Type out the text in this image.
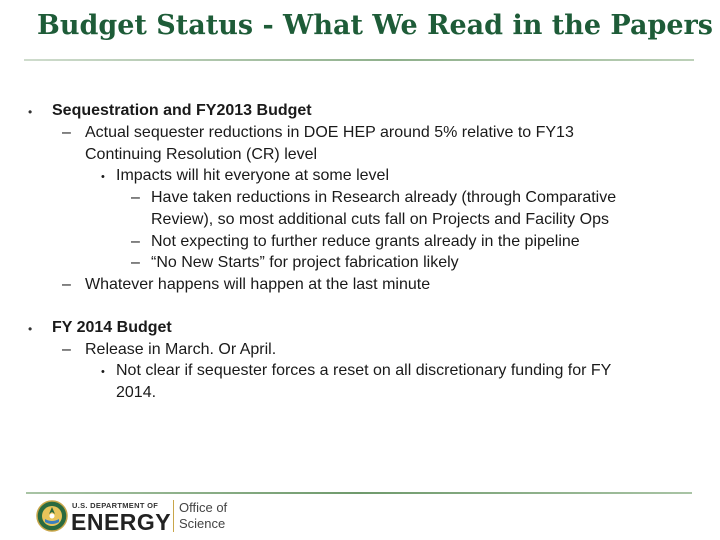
Budget Status - What We Read in the Papers
• Sequestration and FY2013 Budget
– Actual sequester reductions in DOE HEP around 5% relative to FY13
Continuing Resolution (CR) level
• Impacts will hit everyone at some level
– Have taken reductions in Research already (through Comparative
Review), so most additional cuts fall on Projects and Facility Ops
– Not expecting to further reduce grants already in the pipeline
– “No New Starts” for project fabrication likely
– Whatever happens will happen at the last minute
• FY 2014 Budget
– Release in March. Or April.
• Not clear if sequester forces a reset on all discretionary funding for FY
2014.
U.S. DEPARTMENT OF
ENERGY
Office of
Science
